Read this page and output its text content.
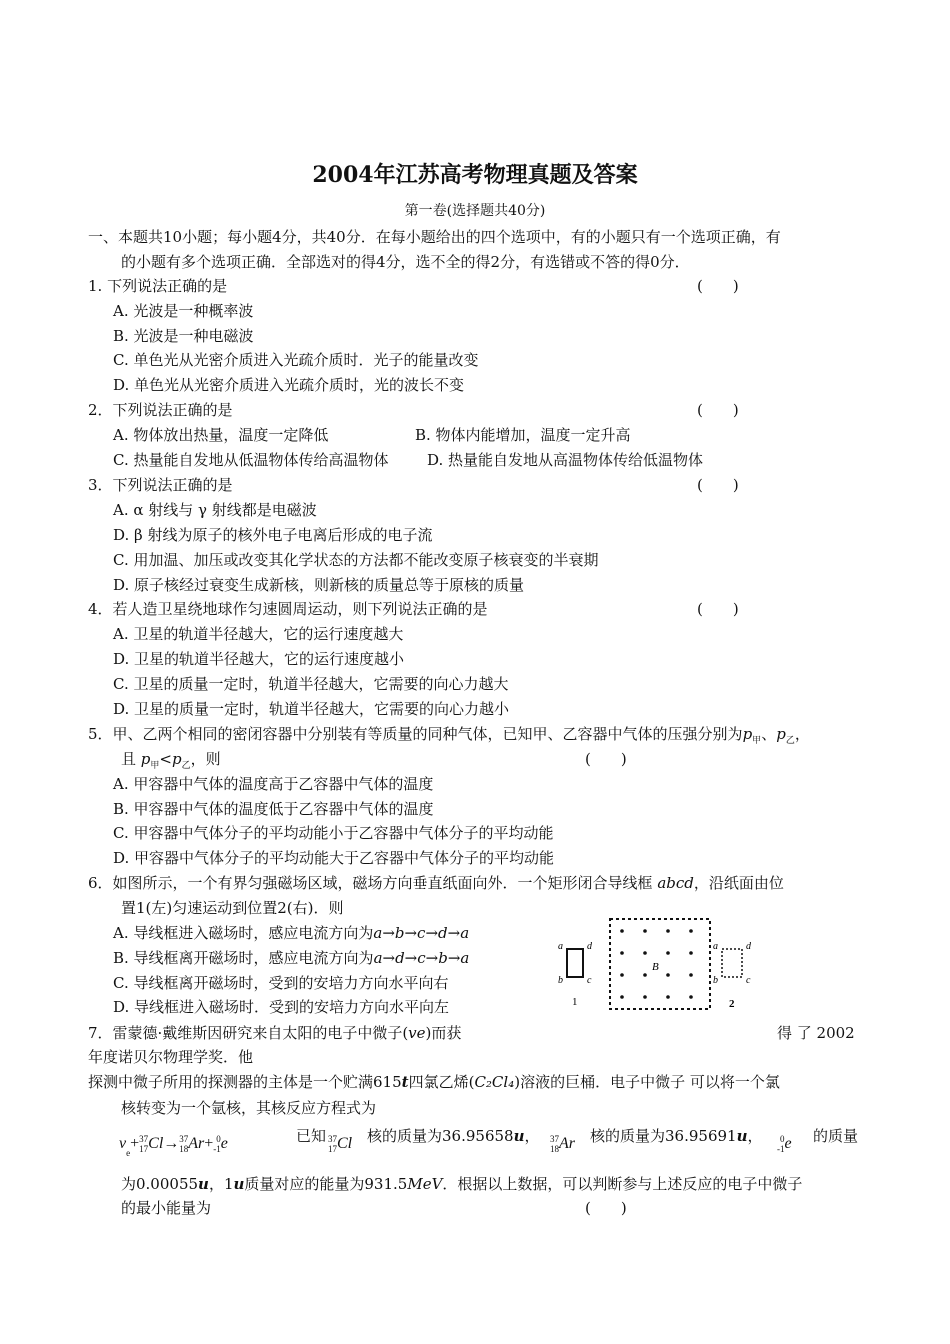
2004年江苏高考物理真题及答案
第一卷(选择题共40分)
一、本题共10小题；每小题4分，共40分．在每小题给出的四个选项中，有的小题只有一个选项正确，有
的小题有多个选项正确．全部选对的得4分，选不全的得2分，有选错或不答的得0分．
1. 下列说法正确的是	(　　)
A. 光波是一种概率波
B. 光波是一种电磁波
C. 单色光从光密介质进入光疏介质时．光子的能量改变
D. 单色光从光密介质进入光疏介质时，光的波长不变
2．下列说法正确的是	(　　)
A. 物体放出热量，温度一定降低	B. 物体内能增加，温度一定升高
C. 热量能自发地从低温物体传给高温物体	D. 热量能自发地从高温物体传给低温物体
3．下列说法正确的是	(　　)
A. α 射线与 γ 射线都是电磁波
D. β 射线为原子的核外电子电离后形成的电子流
C. 用加温、加压或改变其化学状态的方法都不能改变原子核衰变的半衰期
D. 原子核经过衰变生成新核，则新核的质量总等于原核的质量
4．若人造卫星绕地球作匀速圆周运动，则下列说法正确的是	(　　)
A. 卫星的轨道半径越大，它的运行速度越大
D. 卫星的轨道半径越大，它的运行速度越小
C. 卫星的质量一定时，轨道半径越大，它需要的向心力越大
D. 卫星的质量一定时，轨道半径越大，它需要的向心力越小
5．甲、乙两个相同的密闭容器中分别装有等质量的同种气体，已知甲、乙容器中气体的压强分别为$p_甲$、$p_乙$，
且 $p_甲<p_乙$，则	(　　)
A. 甲容器中气体的温度高于乙容器中气体的温度
B. 甲容器中气体的温度低于乙容器中气体的温度
C. 甲容器中气体分子的平均动能小于乙容器中气体分子的平均动能
D. 甲容器中气体分子的平均动能大于乙容器中气体分子的平均动能
6．如图所示，一个有界匀强磁场区域，磁场方向垂直纸面向外．一个矩形闭合导线框 abcd，沿纸面由位
置1(左)匀速运动到位置2(右)．则
A. 导线框进入磁场时，感应电流方向为a→b→c→d→a
B. 导线框离开磁场时，感应电流方向为a→d→c→b→a
C. 导线框离开磁场时，受到的安培力方向水平向右
D. 导线框进入磁场时．受到的安培力方向水平向左
B
a d
b c
1
a	d
b	c
2
7．雷蒙德·戴维斯因研究来自太阳的电子中微子(ve)而获	得 了 2002
年度诺贝尔物理学奖．他
探测中微子所用的探测器的主体是一个贮满615t四氯乙烯(C₂Cl₄)溶液的巨桶．电子中微子 可以将一个氯
核转变为一个氩核，其核反应方程式为
$\nu_e+ 37$
17 Cl→ 37
18 Ar+ 0
-1 e	已知 37
17 Cl 核的质量为36.95658u， 37
18 Ar 核的质量为36.95691u，	0
-1 e 的质量
为0.00055u，1u质量对应的能量为931.5MeV．根据以上数据，可以判断参与上述反应的电子中微子
的最小能量为	(　　)
